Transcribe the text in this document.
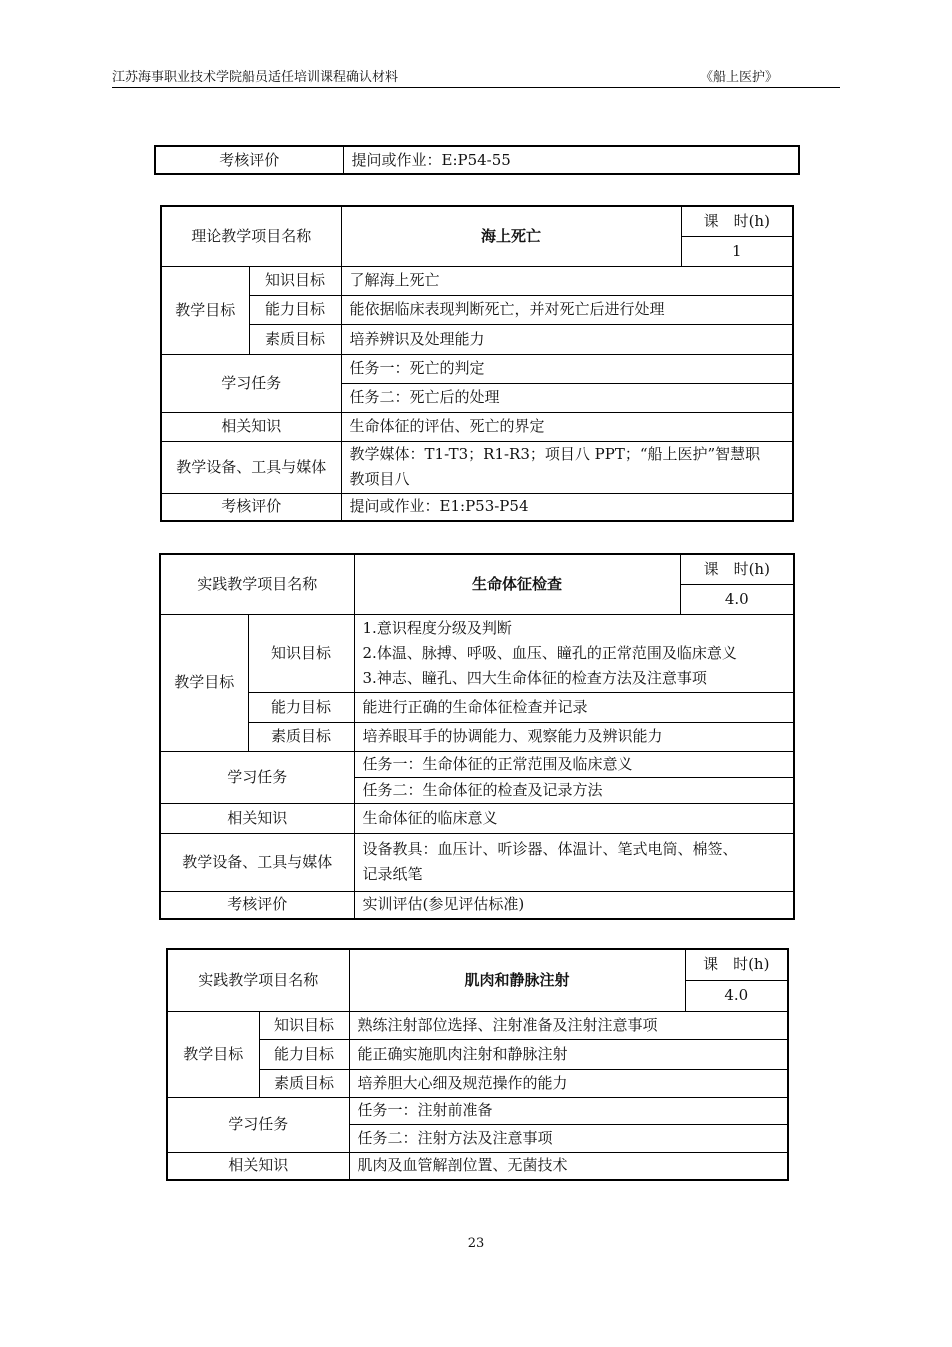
江苏海事职业技术学院船员适任培训课程确认材料	《船上医护》
考核评价	提问或作业：E:P54-55
理论教学项目名称		海上死亡	课　时(h)
			1
教学目标	知识目标	了解海上死亡	
	能力目标	能依据临床表现判断死亡，并对死亡后进行处理	
	素质目标	培养辨识及处理能力	
学习任务		任务一：死亡的判定	
		任务二：死亡后的处理	
相关知识		生命体征的评估、死亡的界定	
教学设备、工具与媒体		教学媒体：T1-T3；R1-R3；项目八 PPT；“船上医护”智慧职
教项目八	

考核评价		提问或作业：E1:P53-P54	
实践教学项目名称		生命体征检查	课　时(h)
			4.0
教学目标	知识目标	1.意识程度分级及判断
2.体温、脉搏、呼吸、血压、瞳孔的正常范围及临床意义
3.神志、瞳孔、四大生命体征的检查方法及注意事项	

	能力目标	能进行正确的生命体征检查并记录	
	素质目标	培养眼耳手的协调能力、观察能力及辨识能力	
学习任务		任务一：生命体征的正常范围及临床意义	
		任务二：生命体征的检查及记录方法	
相关知识		生命体征的临床意义	
教学设备、工具与媒体		设备教具：血压计、听诊器、体温计、笔式电筒、棉签、
记录纸笔	

考核评价		实训评估(参见评估标准)	
实践教学项目名称		肌肉和静脉注射	课　时(h)
			4.0
教学目标	知识目标	熟练注射部位选择、注射准备及注射注意事项	
	能力目标	能正确实施肌肉注射和静脉注射	
	素质目标	培养胆大心细及规范操作的能力	
学习任务		任务一：注射前准备	
		任务二：注射方法及注意事项	
相关知识		肌肉及血管解剖位置、无菌技术	
23
